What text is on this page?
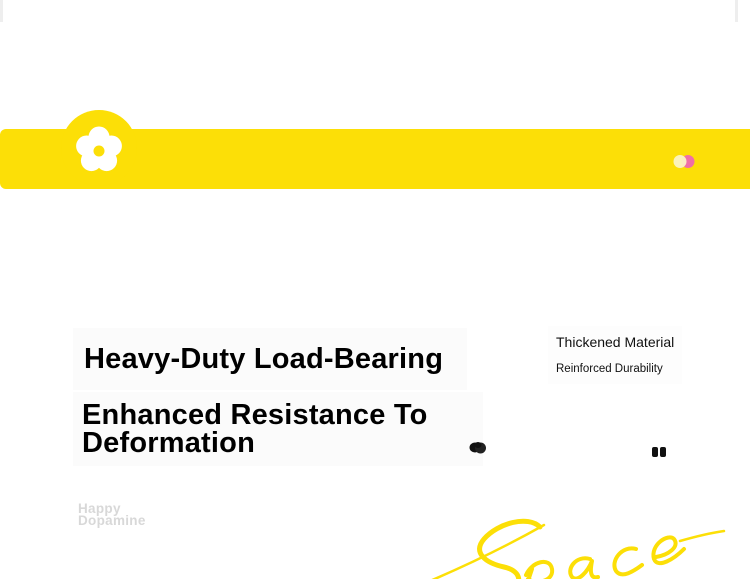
Heavy-Duty Load-Bearing
Enhanced Resistance To Deformation

Thickened Material

Reinforced Durability

Happy
Dopamine
